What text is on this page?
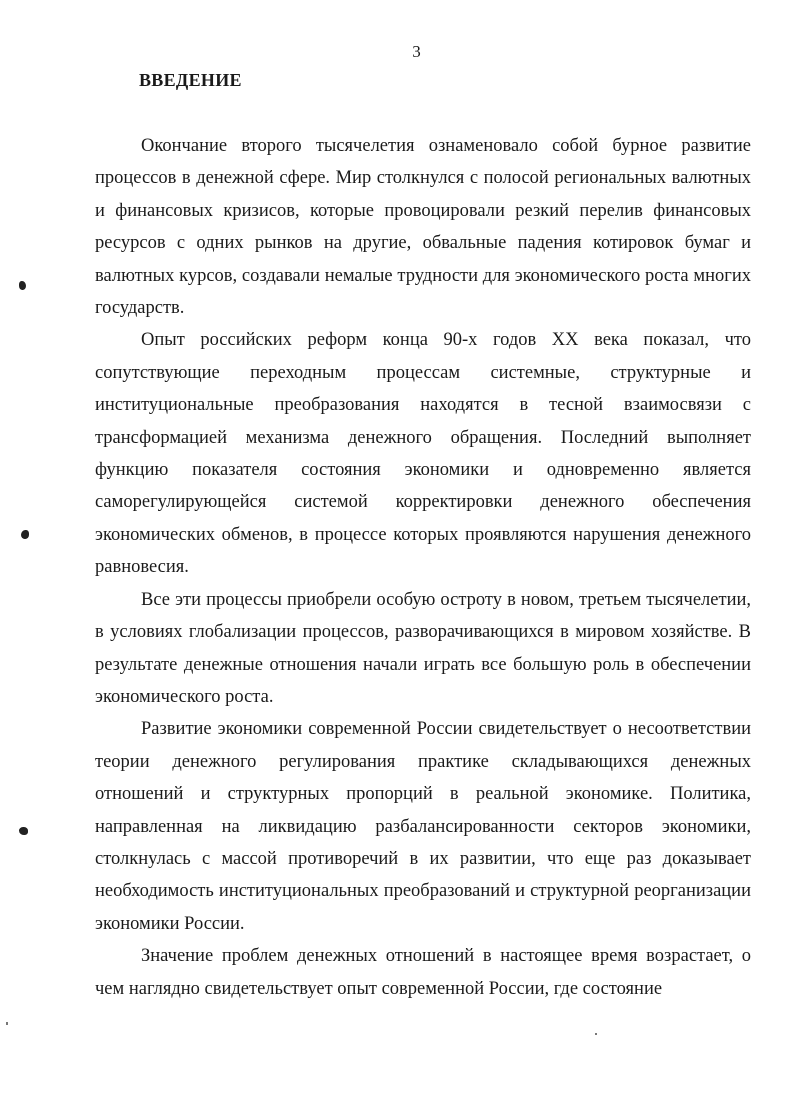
3
ВВЕДЕНИЕ

Окончание второго тысячелетия ознаменовало собой бурное развитие процессов в денежной сфере. Мир столкнулся с полосой региональных валютных и финансовых кризисов, которые провоцировали резкий перелив финансовых ресурсов с одних рынков на другие, обвальные падения котировок бумаг и валютных курсов, создавали немалые трудности для экономического роста многих государств.

Опыт российских реформ конца 90-х годов XX века показал, что сопутствующие переходным процессам системные, структурные и институциональные преобразования находятся в тесной взаимосвязи с трансформацией механизма денежного обращения. Последний выполняет функцию показателя состояния экономики и одновременно является саморегулирующейся системой корректировки денежного обеспечения экономических обменов, в процессе которых проявляются нарушения денежного равновесия.

Все эти процессы приобрели особую остроту в новом, третьем тысячелетии, в условиях глобализации процессов, разворачивающихся в мировом хозяйстве. В результате денежные отношения начали играть все большую роль в обеспечении экономического роста.

Развитие экономики современной России свидетельствует о несоответствии теории денежного регулирования практике складывающихся денежных отношений и структурных пропорций в реальной экономике. Политика, направленная на ликвидацию разбалансированности секторов экономики, столкнулась с массой противоречий в их развитии, что еще раз доказывает необходимость институциональных преобразований и структурной реорганизации экономики России.

Значение проблем денежных отношений в настоящее время возрастает, о чем наглядно свидетельствует опыт современной России, где состояние
